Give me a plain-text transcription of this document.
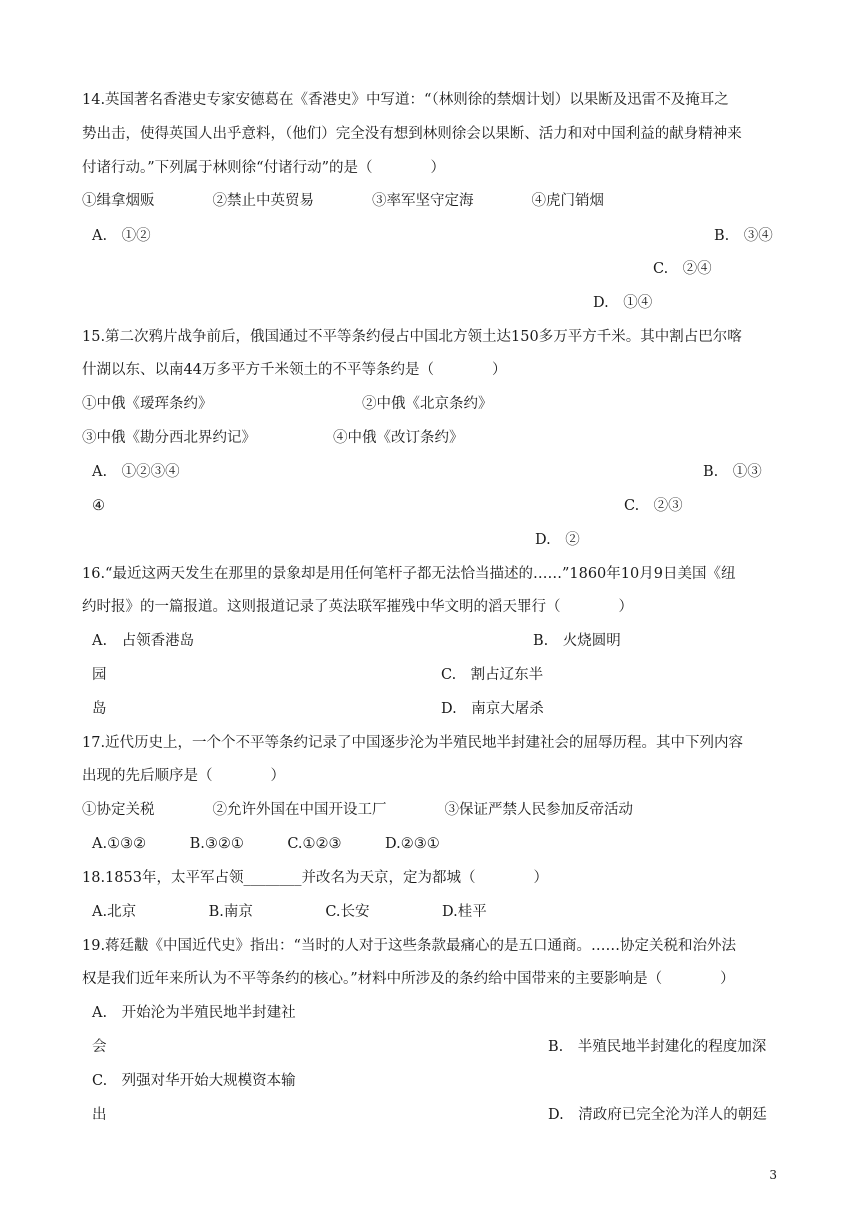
14.英国著名香港史专家安德葛在《香港史》中写道：“（林则徐的禁烟计划）以果断及迅雷不及掩耳之
势出击，使得英国人出乎意料，（他们）完全没有想到林则徐会以果断、活力和对中国利益的献身精神来
付诸行动。”下列属于林则徐“付诸行动”的是（　　　　）
①缉拿烟贩　　　　②禁止中英贸易　　　　③率军坚守定海　　　　④虎门销烟
A.　①②	B.　③④
C.　②④
D.　①④
15.第二次鸦片战争前后，俄国通过不平等条约侵占中国北方领土达150多万平方千米。其中割占巴尔喀
什湖以东、以南44万多平方千米领土的不平等条约是（　　　　）
①中俄《瑷珲条约》	②中俄《北京条约》
③中俄《勘分西北界约记》	④中俄《改订条约》
A.　①②③④	B.　①③
④	C.　②③
D.　②
16.“最近这两天发生在那里的景象却是用任何笔杆子都无法恰当描述的……”1860年10月9日美国《纽
约时报》的一篇报道。这则报道记录了英法联军摧残中华文明的滔天罪行（　　　　）
A.　占领香港岛	B.　火烧圆明
园	C.　割占辽东半
岛	D.　南京大屠杀
17.近代历史上，一个个不平等条约记录了中国逐步沦为半殖民地半封建社会的屈辱历程。其中下列内容
出现的先后顺序是（　　　　）
①协定关税　　　　②允许外国在中国开设工厂　　　　③保证严禁人民参加反帝活动
A.①③②　　　B.③②①　　　C.①②③　　　D.②③①
18.1853年，太平军占领________并改名为天京，定为都城（　　　　）
A.北京　　　　　B.南京　　　　　C.长安　　　　　D.桂平
19.蒋廷黻《中国近代史》指出：“当时的人对于这些条款最痛心的是五口通商。……协定关税和治外法
权是我们近年来所认为不平等条约的核心。”材料中所涉及的条约给中国带来的主要影响是（　　　　）
A.　开始沦为半殖民地半封建社
会	B.　半殖民地半封建化的程度加深
C.　列强对华开始大规模资本输
出	D.　清政府已完全沦为洋人的朝廷
3
